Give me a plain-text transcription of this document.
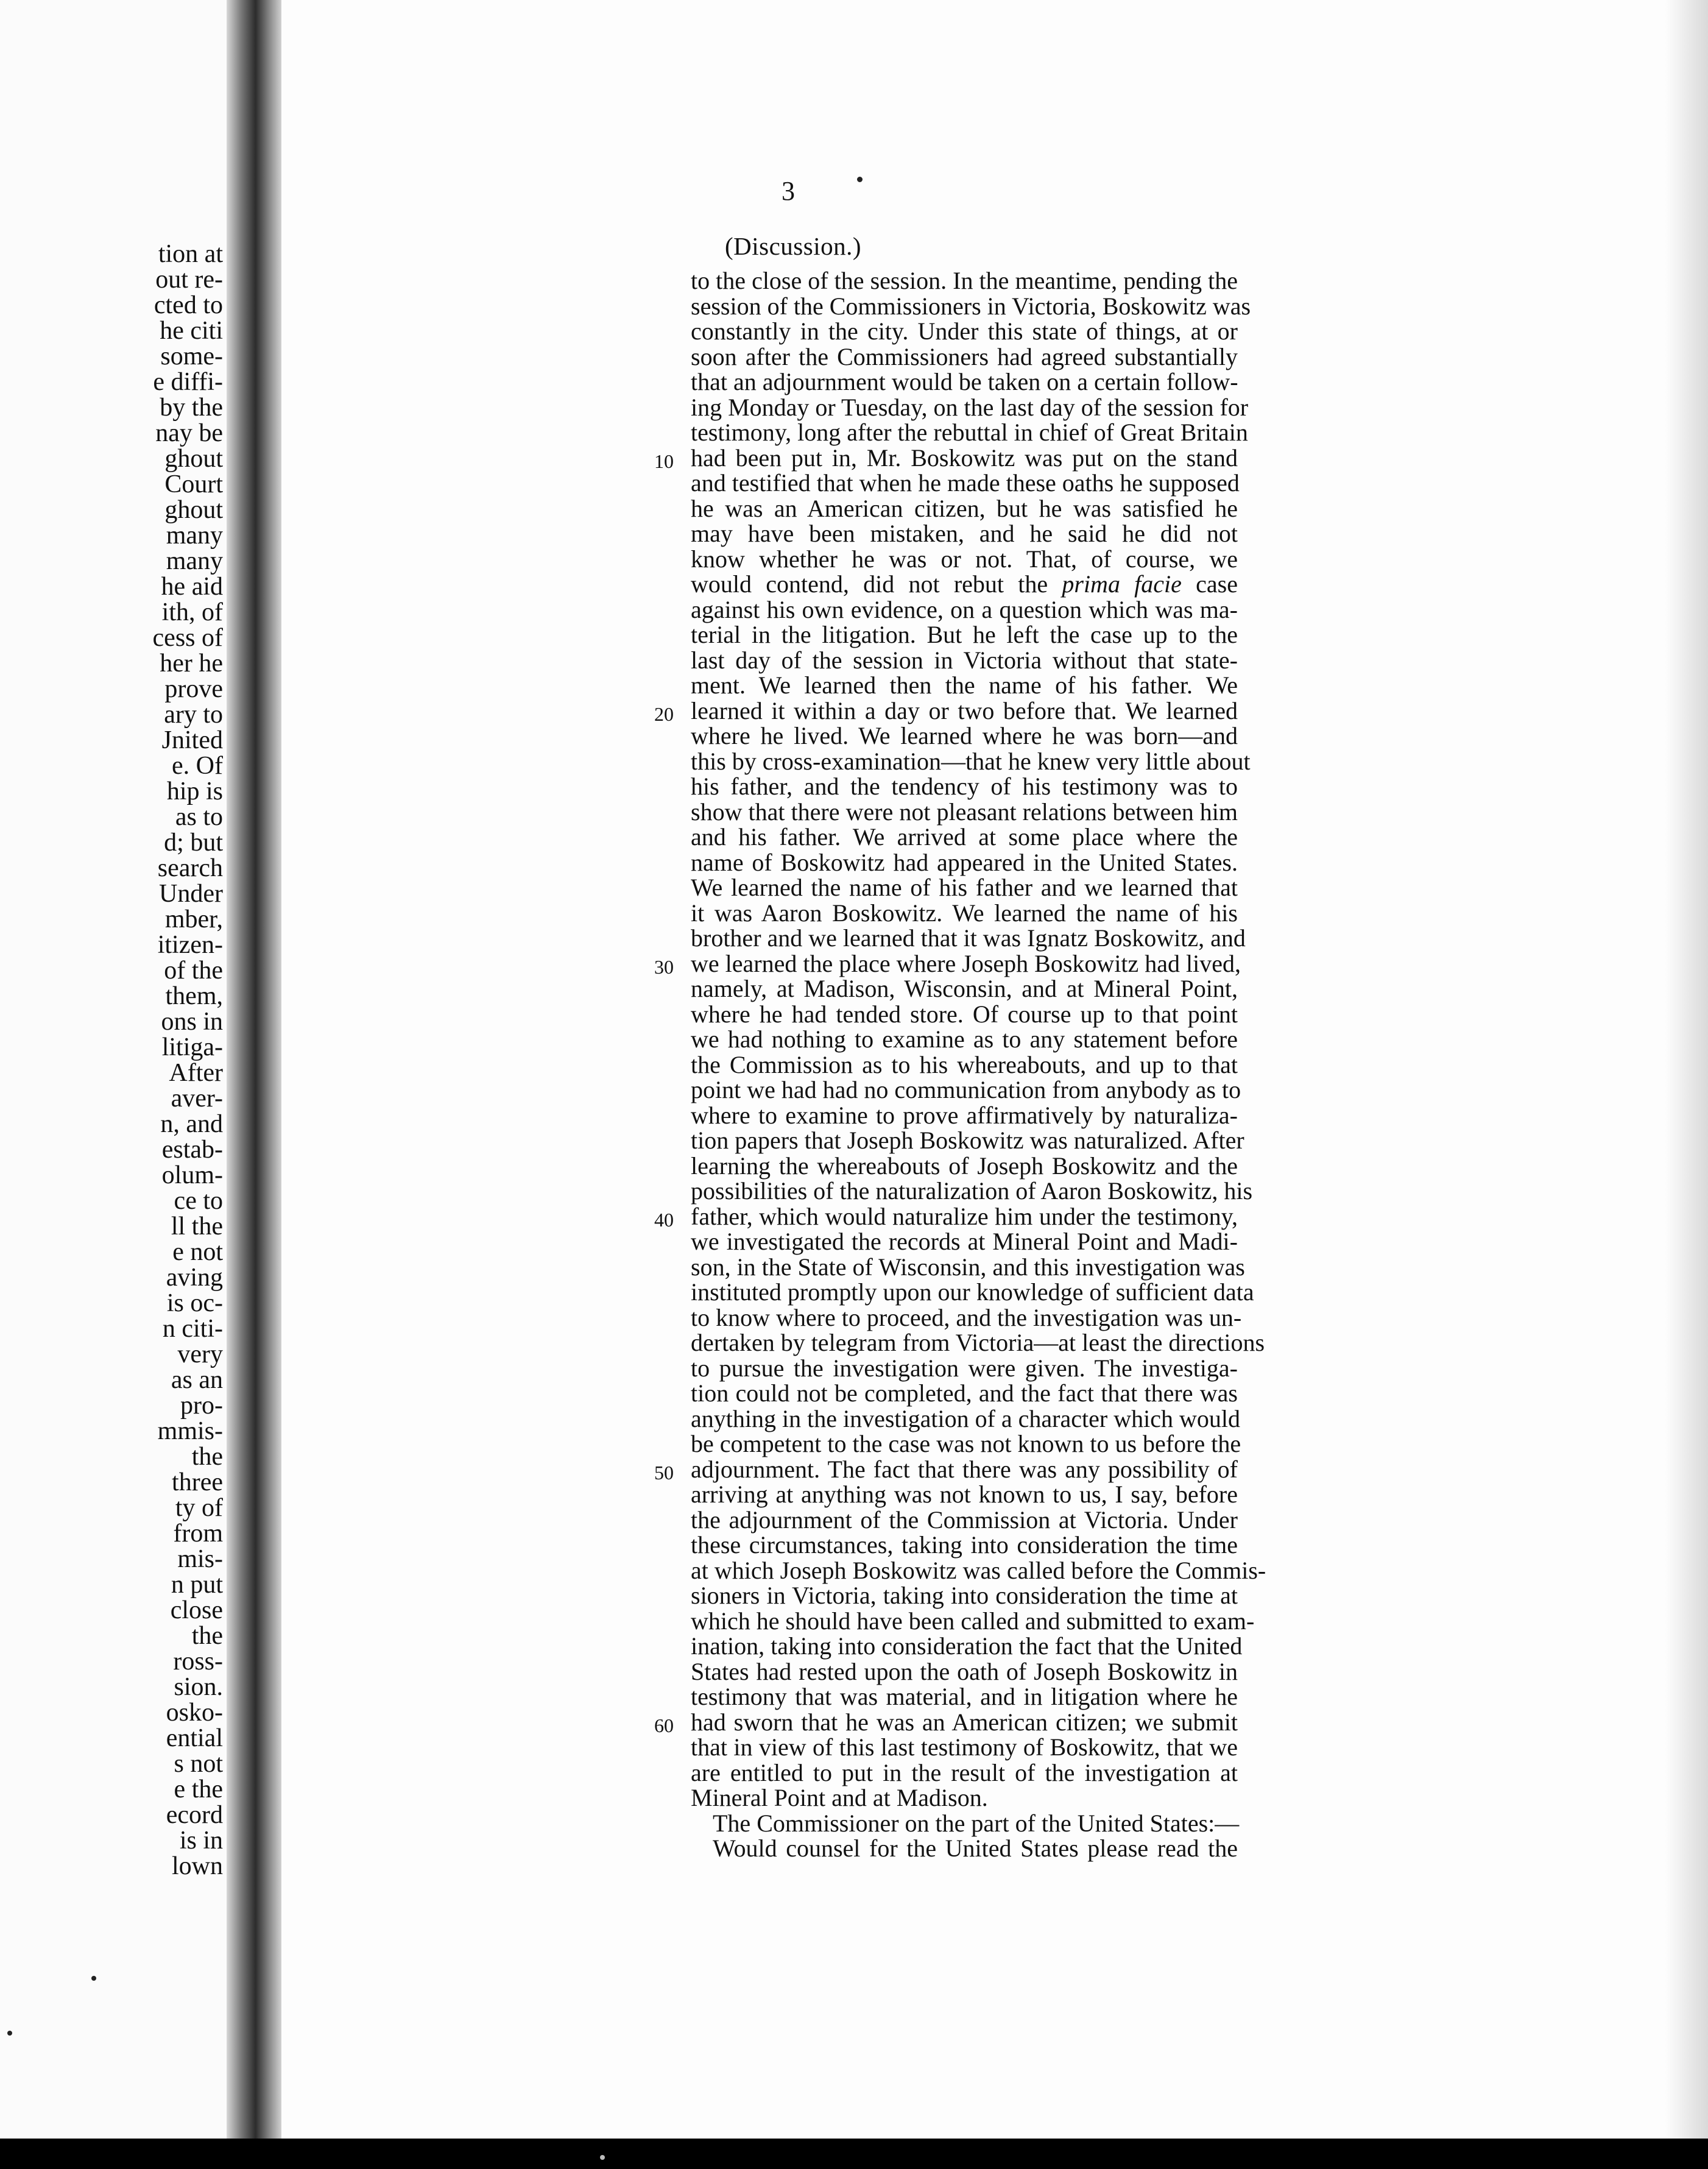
tion at
out re-
cted to
he citi
some-
e diffi-
by the
nay be
ghout
Court
ghout
many
many
he aid
ith, of
cess of
her he
prove
ary to
Jnited
e. Of
hip is
as to
d; but
search
Under
mber,
itizen-
of the
them,
ons in
litiga-
After
aver-
n, and
estab-
olum-
ce to
ll the
e not
aving
is oc-
n citi-
very
as an
pro-
mmis-
the
three
ty of
from
mis-
n put
close
the
ross-
sion.
osko-
ential
s not
e the
ecord
is in
lown
3
(Discussion.)
to the close of the session. In the meantime, pending the
session of the Commissioners in Victoria, Boskowitz was
constantly in the city. Under this state of things, at or
soon after the Commissioners had agreed substantially
that an adjournment would be taken on a certain follow-
ing Monday or Tuesday, on the last day of the session for
testimony, long after the rebuttal in chief of Great Britain
10 had been put in, Mr. Boskowitz was put on the stand
and testified that when he made these oaths he supposed
he was an American citizen, but he was satisfied he
may have been mistaken, and he said he did not
know whether he was or not. That, of course, we
would contend, did not rebut the prima facie case
against his own evidence, on a question which was ma-
terial in the litigation. But he left the case up to the
last day of the session in Victoria without that state-
ment. We learned then the name of his father. We
20 learned it within a day or two before that. We learned
where he lived. We learned where he was born—and
this by cross-examination—that he knew very little about
his father, and the tendency of his testimony was to
show that there were not pleasant relations between him
and his father. We arrived at some place where the
name of Boskowitz had appeared in the United States.
We learned the name of his father and we learned that
it was Aaron Boskowitz. We learned the name of his
brother and we learned that it was Ignatz Boskowitz, and
30 we learned the place where Joseph Boskowitz had lived,
namely, at Madison, Wisconsin, and at Mineral Point,
where he had tended store. Of course up to that point
we had nothing to examine as to any statement before
the Commission as to his whereabouts, and up to that
point we had had no communication from anybody as to
where to examine to prove affirmatively by naturaliza-
tion papers that Joseph Boskowitz was naturalized. After
learning the whereabouts of Joseph Boskowitz and the
possibilities of the naturalization of Aaron Boskowitz, his
40 father, which would naturalize him under the testimony,
we investigated the records at Mineral Point and Madi-
son, in the State of Wisconsin, and this investigation was
instituted promptly upon our knowledge of sufficient data
to know where to proceed, and the investigation was un-
dertaken by telegram from Victoria—at least the directions
to pursue the investigation were given. The investiga-
tion could not be completed, and the fact that there was
anything in the investigation of a character which would
be competent to the case was not known to us before the
50 adjournment. The fact that there was any possibility of
arriving at anything was not known to us, I say, before
the adjournment of the Commission at Victoria. Under
these circumstances, taking into consideration the time
at which Joseph Boskowitz was called before the Commis-
sioners in Victoria, taking into consideration the time at
which he should have been called and submitted to exam-
ination, taking into consideration the fact that the United
States had rested upon the oath of Joseph Boskowitz in
testimony that was material, and in litigation where he
60 had sworn that he was an American citizen; we submit
that in view of this last testimony of Boskowitz, that we
are entitled to put in the result of the investigation at
Mineral Point and at Madison.
The Commissioner on the part of the United States:—
Would counsel for the United States please read the
